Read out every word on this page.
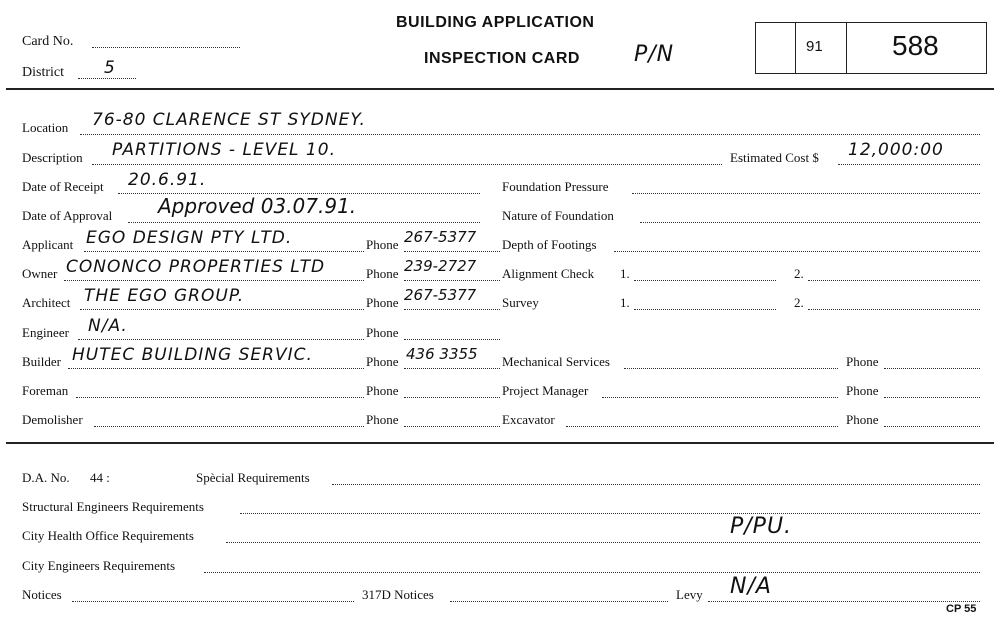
Card No.
District 5
BUILDING APPLICATION
INSPECTION CARD P/N	91 588
Location 76-80 CLARENCE ST SYDNEY.
Description PARTITIONS - LEVEL 10.	Estimated Cost $ 12,000:00
Date of Receipt 20.6.91.	Foundation Pressure
Date of Approval Approved 03.07.91.	Nature of Foundation
Applicant EGO DESIGN PTY LTD.	Phone 267-5377 Depth of Footings
Owner CONONCO PROPERTIES LTD	Phone 239-2727 Alignment Check 1.	2.
Architect THE EGO GROUP.	Phone 267-5377 Survey	1.	2.
Engineer N/A.	Phone
Builder HUTEC BUILDING SERVIC.	Phone 436 3355 Mechanical Services	Phone
Foreman	Phone	Project Manager	Phone
Demolisher	Phone	Excavator	Phone
D.A. No. 44 :	Spècial Requirements
Structural Engineers Requirements
City Health Office Requirements	P/PU.
City Engineers Requirements
Notices	317D Notices	Levy N/A
CP 55
